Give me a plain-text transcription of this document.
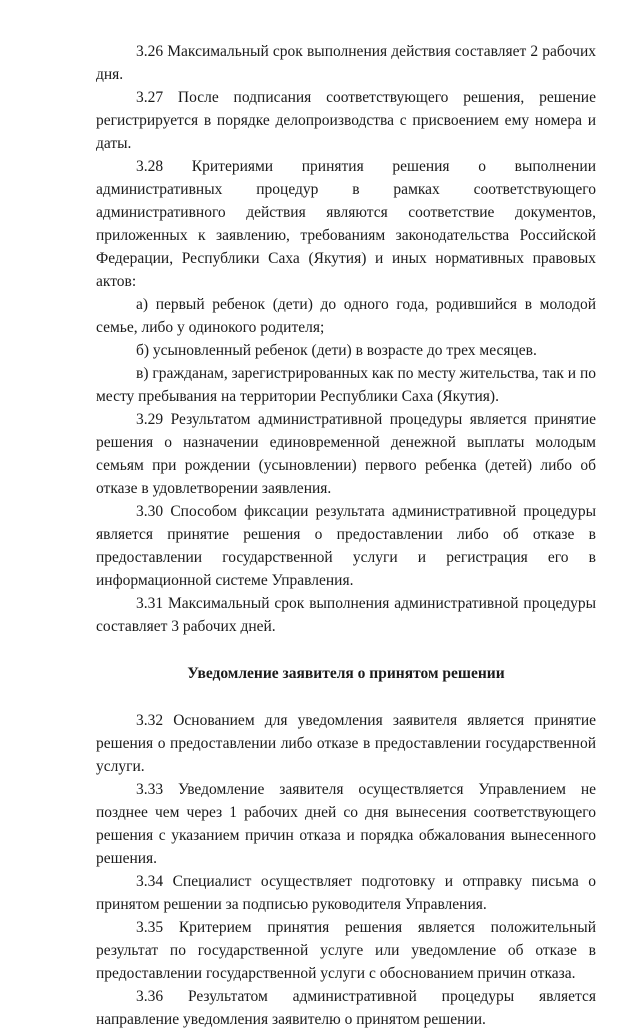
3.26 Максимальный срок выполнения действия составляет 2 рабочих дня.

3.27 После подписания соответствующего решения, решение регистрируется в порядке делопроизводства с присвоением ему номера и даты.

3.28 Критериями принятия решения о выполнении административных процедур в рамках соответствующего административного действия являются соответствие документов, приложенных к заявлению, требованиям законодательства Российской Федерации, Республики Саха (Якутия) и иных нормативных правовых актов:

а) первый ребенок (дети) до одного года, родившийся в молодой семье, либо у одинокого родителя;

б) усыновленный ребенок (дети) в возрасте до трех месяцев.

в) гражданам, зарегистрированных как по месту жительства, так и по месту пребывания на территории Республики Саха (Якутия).

3.29 Результатом административной процедуры является принятие решения о назначении единовременной денежной выплаты молодым семьям при рождении (усыновлении) первого ребенка (детей) либо об отказе в удовлетворении заявления.

3.30 Способом фиксации результата административной процедуры является принятие решения о предоставлении либо об отказе в предоставлении государственной услуги и регистрация его в информационной системе Управления.

3.31 Максимальный срок выполнения административной процедуры составляет 3 рабочих дней.

Уведомление заявителя о принятом решении

3.32 Основанием для уведомления заявителя является принятие решения о предоставлении либо отказе в предоставлении государственной услуги.

3.33 Уведомление заявителя осуществляется Управлением не позднее чем через 1 рабочих дней со дня вынесения соответствующего решения с указанием причин отказа и порядка обжалования вынесенного решения.

3.34 Специалист осуществляет подготовку и отправку письма о принятом решении за подписью руководителя Управления.

3.35 Критерием принятия решения является положительный результат по государственной услуге или уведомление об отказе в предоставлении государственной услуги с обоснованием причин отказа.

3.36 Результатом административной процедуры является направление уведомления заявителю о принятом решении.
